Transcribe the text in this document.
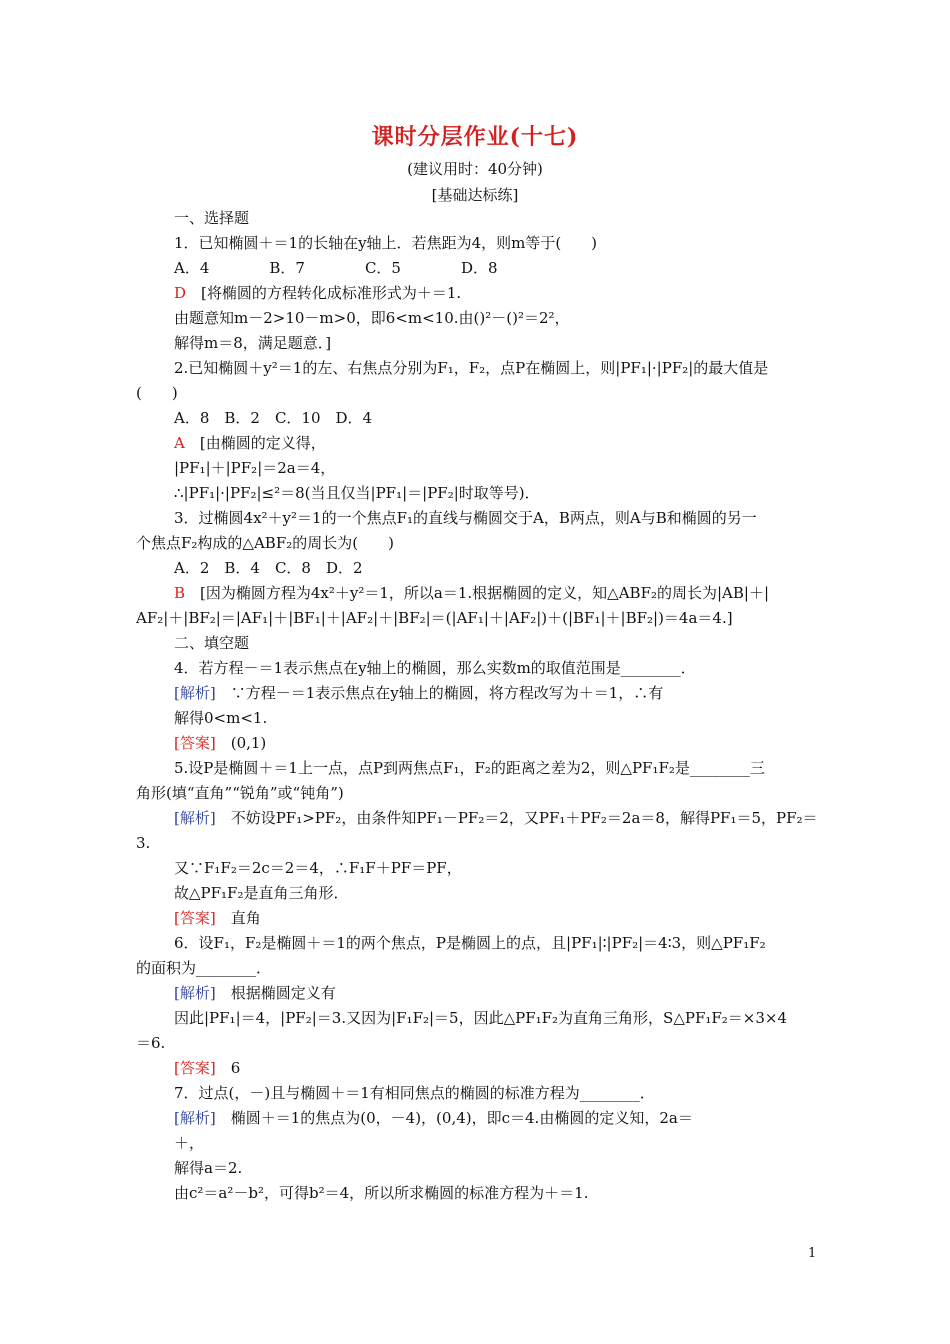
课时分层作业(十七)
(建议用时：40分钟)
[基础达标练]
一、选择题
1．已知椭圆＋＝1的长轴在y轴上．若焦距为4，则m等于(　　)
A．4　　　　B．7　　　　C．5　　　　D．8
D　[将椭圆的方程转化成标准形式为＋＝1.
由题意知m－2>10－m>0，即6<m<10.由()²－()²＝2²，
解得m＝8，满足题意．]
2.已知椭圆＋y²＝1的左、右焦点分别为F₁，F₂，点P在椭圆上，则|PF₁|·|PF₂|的最大值是
(　　)
A．8　B．2　C．10　D．4
A　[由椭圆的定义得，
|PF₁|＋|PF₂|＝2a＝4，
∴|PF₁|·|PF₂|≤²＝8(当且仅当|PF₁|＝|PF₂|时取等号)．
3．过椭圆4x²＋y²＝1的一个焦点F₁的直线与椭圆交于A，B两点，则A与B和椭圆的另一
个焦点F₂构成的△ABF₂的周长为(　　)
A．2　B．4　C．8　D．2
B　[因为椭圆方程为4x²＋y²＝1，所以a＝1.根据椭圆的定义，知△ABF₂的周长为|AB|＋|
AF₂|＋|BF₂|＝|AF₁|＋|BF₁|＋|AF₂|＋|BF₂|＝(|AF₁|＋|AF₂|)＋(|BF₁|＋|BF₂|)＝4a＝4.]
二、填空题
4．若方程－＝1表示焦点在y轴上的椭圆，那么实数m的取值范围是________．
[解析]　∵方程－＝1表示焦点在y轴上的椭圆，将方程改写为＋＝1，∴有
解得0<m<1.
[答案]　(0,1)
5.设P是椭圆＋＝1上一点，点P到两焦点F₁，F₂的距离之差为2，则△PF₁F₂是________三
角形(填“直角”“锐角”或“钝角”)
[解析]　不妨设PF₁>PF₂，由条件知PF₁－PF₂＝2，又PF₁＋PF₂＝2a＝8，解得PF₁＝5，PF₂＝
3.
又∵F₁F₂＝2c＝2＝4，∴F₁F＋PF＝PF，
故△PF₁F₂是直角三角形．
[答案]　直角
6．设F₁，F₂是椭圆＋＝1的两个焦点，P是椭圆上的点，且|PF₁|∶|PF₂|＝4∶3，则△PF₁F₂
的面积为________．
[解析]　根据椭圆定义有
因此|PF₁|＝4，|PF₂|＝3.又因为|F₁F₂|＝5，因此△PF₁F₂为直角三角形，S△PF₁F₂＝×3×4
＝6.
[答案]　6
7．过点(，－)且与椭圆＋＝1有相同焦点的椭圆的标准方程为________．
[解析]　椭圆＋＝1的焦点为(0，－4)，(0,4)，即c＝4.由椭圆的定义知，2a＝
＋，
解得a＝2.
由c²＝a²－b²，可得b²＝4，所以所求椭圆的标准方程为＋＝1.
1
